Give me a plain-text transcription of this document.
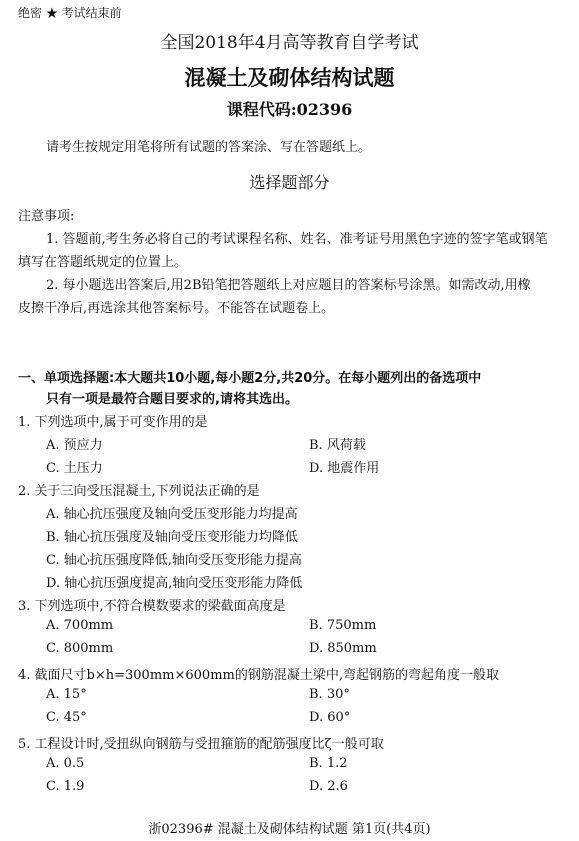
绝密 ★ 考试结束前
全国2018年4月高等教育自学考试
混凝土及砌体结构试题
课程代码:02396
请考生按规定用笔将所有试题的答案涂、写在答题纸上。
选择题部分
注意事项:
1. 答题前,考生务必将自己的考试课程名称、姓名、准考证号用黑色字迹的签字笔或钢笔
填写在答题纸规定的位置上。
2. 每小题选出答案后,用2B铅笔把答题纸上对应题目的答案标号涂黑。如需改动,用橡
皮擦干净后,再选涂其他答案标号。不能答在试题卷上。
一、单项选择题:本大题共10小题,每小题2分,共20分。在每小题列出的备选项中
只有一项是最符合题目要求的,请将其选出。
1. 下列选项中,属于可变作用的是
A. 预应力	B. 风荷载
C. 土压力	D. 地震作用
2. 关于三向受压混凝土,下列说法正确的是
A. 轴心抗压强度及轴向受压变形能力均提高
B. 轴心抗压强度及轴向受压变形能力均降低
C. 轴心抗压强度降低,轴向受压变形能力提高
D. 轴心抗压强度提高,轴向受压变形能力降低
3. 下列选项中,不符合模数要求的梁截面高度是
A. 700mm	B. 750mm
C. 800mm	D. 850mm
4. 截面尺寸b×h=300mm×600mm的钢筋混凝土梁中,弯起钢筋的弯起角度一般取
A. 15°	B. 30°
C. 45°	D. 60°
5. 工程设计时,受扭纵向钢筋与受扭箍筋的配筋强度比ζ一般可取
A. 0.5	B. 1.2
C. 1.9	D. 2.6
浙02396# 混凝土及砌体结构试题 第1页(共4页)
